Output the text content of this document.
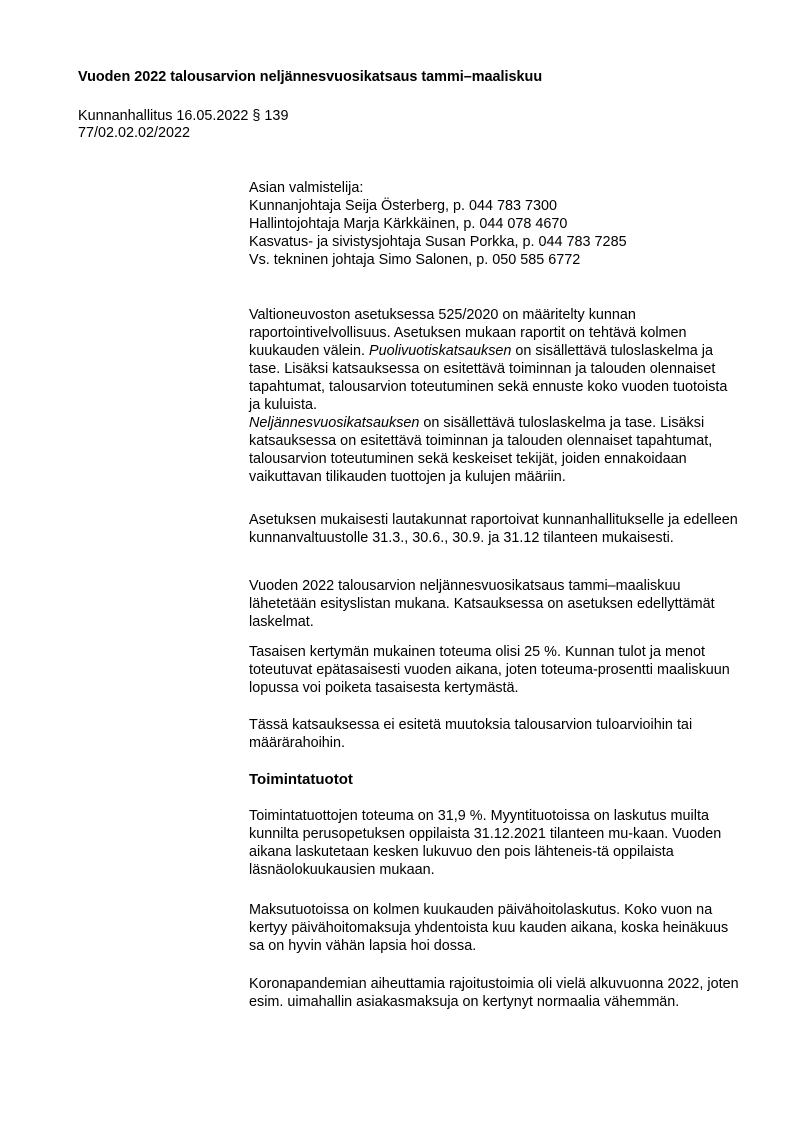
Vuoden 2022 talousarvion neljännesvuosikatsaus tammi–maaliskuu
Kunnanhallitus 16.05.2022 § 139
77/02.02.02/2022
Asian valmistelija:
Kunnanjohtaja Seija Österberg, p. 044 783 7300
Hallintojohtaja Marja Kärkkäinen, p. 044 078 4670
Kasvatus- ja sivistysjohtaja Susan Porkka, p. 044 783 7285
Vs. tekninen johtaja Simo Salonen, p. 050 585 6772

Valtioneuvoston asetuksessa 525/2020 on määritelty kunnan raportointivelvollisuus. Asetuksen mukaan raportit on tehtävä kolmen kuukauden välein. Puolivuotiskatsauksen on sisällettävä tuloslaskelma ja tase. Lisäksi katsauksessa on esitettävä toiminnan ja talouden olennaiset tapahtumat, talousarvion toteutuminen sekä ennuste koko vuoden tuotoista ja kuluista.

Neljännesvuosikatsauksen on sisällettävä tuloslaskelma ja tase. Lisäksi katsauksessa on esitettävä toiminnan ja talouden olennaiset tapahtumat, talousarvion toteutuminen sekä keskeiset tekijät, joiden ennakoidaan vaikuttavan tilikauden tuottojen ja kulujen määriin.

Asetuksen mukaisesti lautakunnat raportoivat kunnanhallitukselle ja edelleen kunnanvaltuustolle 31.3., 30.6., 30.9. ja 31.12 tilanteen mukaisesti.

Vuoden 2022 talousarvion neljännesvuosikatsaus tammi–maaliskuu lähetetään esityslistan mukana. Katsauksessa on asetuksen edellyttämät laskelmat.

Tasaisen kertymän mukainen toteuma olisi 25 %. Kunnan tulot ja menot toteutuvat epätasaisesti vuoden aikana, joten toteuma-prosentti maaliskuun lopussa voi poiketa tasaisesta kertymästä.

Tässä katsauksessa ei esitetä muutoksia talousarvion tuloarvioihin tai määrärahoihin.

Toimintatuotot

Toimintatuottojen toteuma on 31,9 %. Myyntituotoissa on laskutus muilta kunnilta perusopetuksen oppilaista 31.12.2021 tilanteen mu-kaan. Vuoden aikana laskutetaan kesken lukuvuo den pois lähteneis-tä oppilaista läsnäolokuukausien mukaan.

Maksutuotoissa on kolmen kuukauden päivähoitolaskutus. Koko vuon na kertyy päivähoitomaksuja yhdentoista kuu kauden aikana, koska heinäkuus sa on hyvin vähän lapsia hoi dossa.

Koronapandemian aiheuttamia rajoitustoimia oli vielä alkuvuonna 2022, joten esim. uimahallin asiakasmaksuja on kertynyt normaalia vähemmän.
